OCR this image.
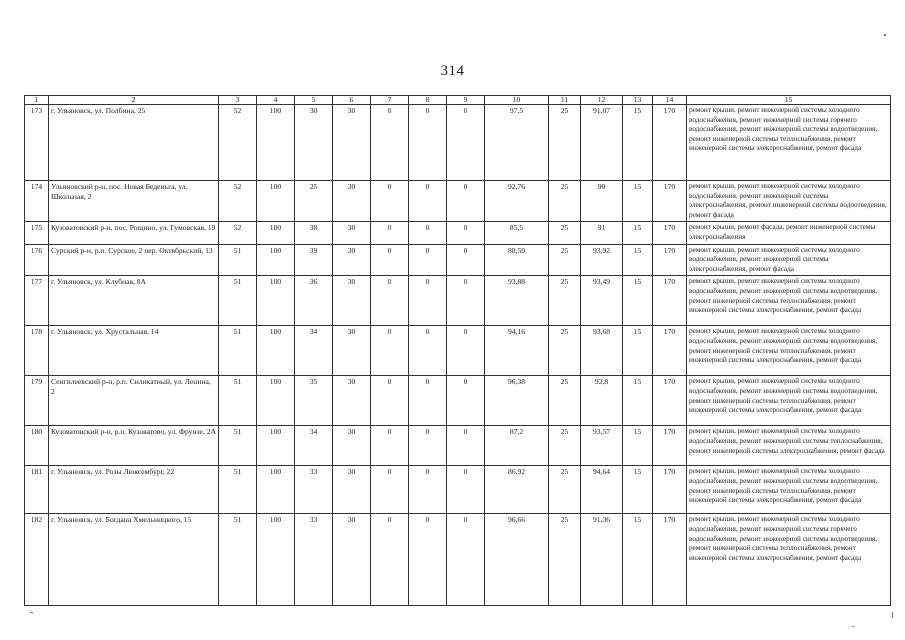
314
1	2	3	4	5	6	7	8	9	10	11	12	13	14	15
173	г. Ульяновск, ул. Полбина, 25	52	100	30	30	0	0	0	97,5	25	91,07	15	170	ремонт крыши, ремонт инженерной системы холодного водоснабжения, ремонт инженерной системы горячего водоснабжения, ремонт инженерной системы водоотведения, ремонт инженерной системы теплоснабжения, ремонт инженерной системы электроснабжения, ремонт фасада
174	Ульяновский р-н, пос. Новая Беденьга, ул. Школьная, 2	52	100	25	30	0	0	0	92,76	25	90	15	170	ремонт крыши, ремонт инженерной системы холодного водоснабжения, ремонт инженерной системы электроснабжения, ремонт инженерной системы водоотведения, ремонт фасада
175	Кузоватовский р-н, пос. Рощино, ул. Гумовская, 19	52	100	38	30	0	0	0	85,5	25	91	15	170	ремонт крыши, ремонт фасада, ремонт инженерной системы электроснабжения
176	Сурский р-н, р.п. Сурское, 2 пер. Октябрьский, 13	51	100	39	30	0	0	0	88,59	25	93,92	15	170	ремонт крыши, ремонт инженерной системы холодного водоснабжения, ремонт инженерной системы электроснабжения, ремонт фасада
177	г. Ульяновск, ул. Клубная, 8А	51	100	36	30	0	0	0	93,88	25	93,49	15	170	ремонт крыши, ремонт инженерной системы холодного водоснабжения, ремонт инженерной системы водоотведения, ремонт инженерной системы теплоснабжения, ремонт инженерной системы электроснабжения, ремонт фасада
178	г. Ульяновск, ул. Хрустальная, 14	51	100	34	30	0	0	0	94,16	25	93,68	15	170	ремонт крыши, ремонт инженерной системы холодного водоснабжения, ремонт инженерной системы водоотведения, ремонт инженерной системы теплоснабжения, ремонт инженерной системы электроснабжения, ремонт фасада
179	Сенгилеевский р-н, р.п. Силикатный, ул. Ленина, 2	51	100	35	30	0	0	0	96,38	25	92,8	15	170	ремонт крыши, ремонт инженерной системы холодного водоснабжения, ремонт инженерной системы водоотведения, ремонт инженерной системы теплоснабжения, ремонт инженерной системы электроснабжения, ремонт фасада
180	Кузоватовский р-н, р.п. Кузоватово, ул. Фрунзе, 2А	51	100	34	30	0	0	0	87,2	25	93,57	15	170	ремонт крыши, ремонт инженерной системы холодного водоснабжения, ремонт инженерной системы теплоснабжения, ремонт инженерной системы электроснабжения, ремонт фасада
181	г. Ульяновск, ул. Розы Люксембург, 22	51	100	33	30	0	0	0	86,92	25	94,64	15	170	ремонт крыши, ремонт инженерной системы холодного водоснабжения, ремонт инженерной системы водоотведения, ремонт инженерной системы теплоснабжения, ремонт инженерной системы электроснабжения, ремонт фасада
182	г. Ульяновск, ул. Богдана Хмельницкого, 15	51	100	33	30	0	0	0	96,66	25	91,36	15	170	ремонт крыши, ремонт инженерной системы холодного водоснабжения, ремонт инженерной системы горячего водоснабжения, ремонт инженерной системы водоотведения, ремонт инженерной системы теплоснабжения, ремонт инженерной системы электроснабжения, ремонт фасада
